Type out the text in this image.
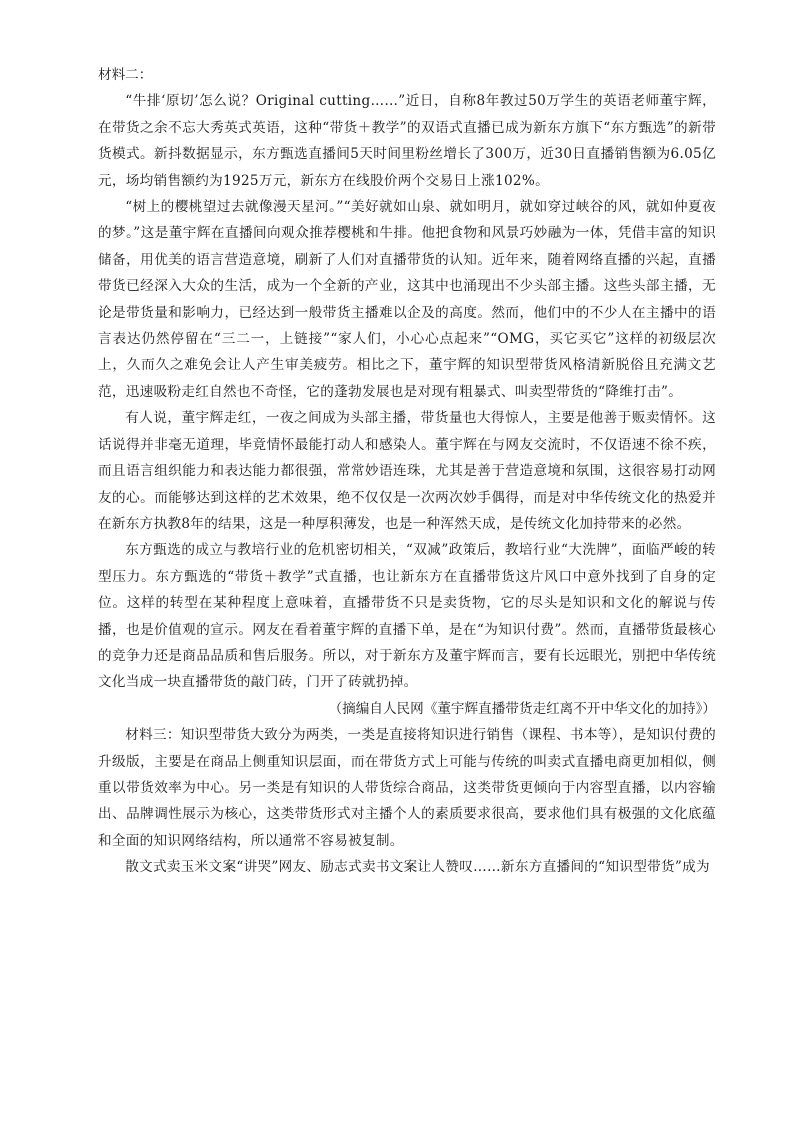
材料二：

“牛排‘原切’怎么说？Original cutting……”近日，自称8年教过50万学生的英语老师董宇辉，在带货之余不忘大秀英式英语，这种“带货＋教学”的双语式直播已成为新东方旗下“东方甄选”的新带货模式。新抖数据显示，东方甄选直播间5天时间里粉丝增长了300万，近30日直播销售额为6.05亿元，场均销售额约为1925万元，新东方在线股价两个交易日上涨102%。

“树上的樱桃望过去就像漫天星河。”“美好就如山泉、就如明月，就如穿过峡谷的风，就如仲夏夜的梦。”这是董宇辉在直播间向观众推荐樱桃和牛排。他把食物和风景巧妙融为一体，凭借丰富的知识储备，用优美的语言营造意境，刷新了人们对直播带货的认知。近年来，随着网络直播的兴起，直播带货已经深入大众的生活，成为一个全新的产业，这其中也涌现出不少头部主播。这些头部主播，无论是带货量和影响力，已经达到一般带货主播难以企及的高度。然而，他们中的不少人在主播中的语言表达仍然停留在“三二一，上链接”“家人们，小心心点起来”“OMG，买它买它”这样的初级层次上，久而久之难免会让人产生审美疲劳。相比之下，董宇辉的知识型带货风格清新脱俗且充满文艺范，迅速吸粉走红自然也不奇怪，它的蓬勃发展也是对现有粗暴式、叫卖型带货的“降维打击”。

有人说，董宇辉走红，一夜之间成为头部主播，带货量也大得惊人，主要是他善于贩卖情怀。这话说得并非毫无道理，毕竟情怀最能打动人和感染人。董宇辉在与网友交流时，不仅语速不徐不疾，而且语言组织能力和表达能力都很强，常常妙语连珠，尤其是善于营造意境和氛围，这很容易打动网友的心。而能够达到这样的艺术效果，绝不仅仅是一次两次妙手偶得，而是对中华传统文化的热爱并在新东方执教8年的结果，这是一种厚积薄发，也是一种浑然天成，是传统文化加持带来的必然。

东方甄选的成立与教培行业的危机密切相关，“双减”政策后，教培行业“大洗牌”，面临严峻的转型压力。东方甄选的“带货＋教学”式直播，也让新东方在直播带货这片风口中意外找到了自身的定位。这样的转型在某种程度上意味着，直播带货不只是卖货物，它的尽头是知识和文化的解说与传播，也是价值观的宣示。网友在看着董宇辉的直播下单，是在“为知识付费”。然而，直播带货最核心的竞争力还是商品品质和售后服务。所以，对于新东方及董宇辉而言，要有长远眼光，别把中华传统文化当成一块直播带货的敲门砖，门开了砖就扔掉。

（摘编自人民网《董宇辉直播带货走红离不开中华文化的加持》）

材料三：知识型带货大致分为两类，一类是直接将知识进行销售（课程、书本等），是知识付费的升级版，主要是在商品上侧重知识层面，而在带货方式上可能与传统的叫卖式直播电商更加相似，侧重以带货效率为中心。另一类是有知识的人带货综合商品，这类带货更倾向于内容型直播，以内容输出、品牌调性展示为核心，这类带货形式对主播个人的素质要求很高，要求他们具有极强的文化底蕴和全面的知识网络结构，所以通常不容易被复制。

散文式卖玉米文案“讲哭”网友、励志式卖书文案让人赞叹……新东方直播间的“知识型带货”成为
